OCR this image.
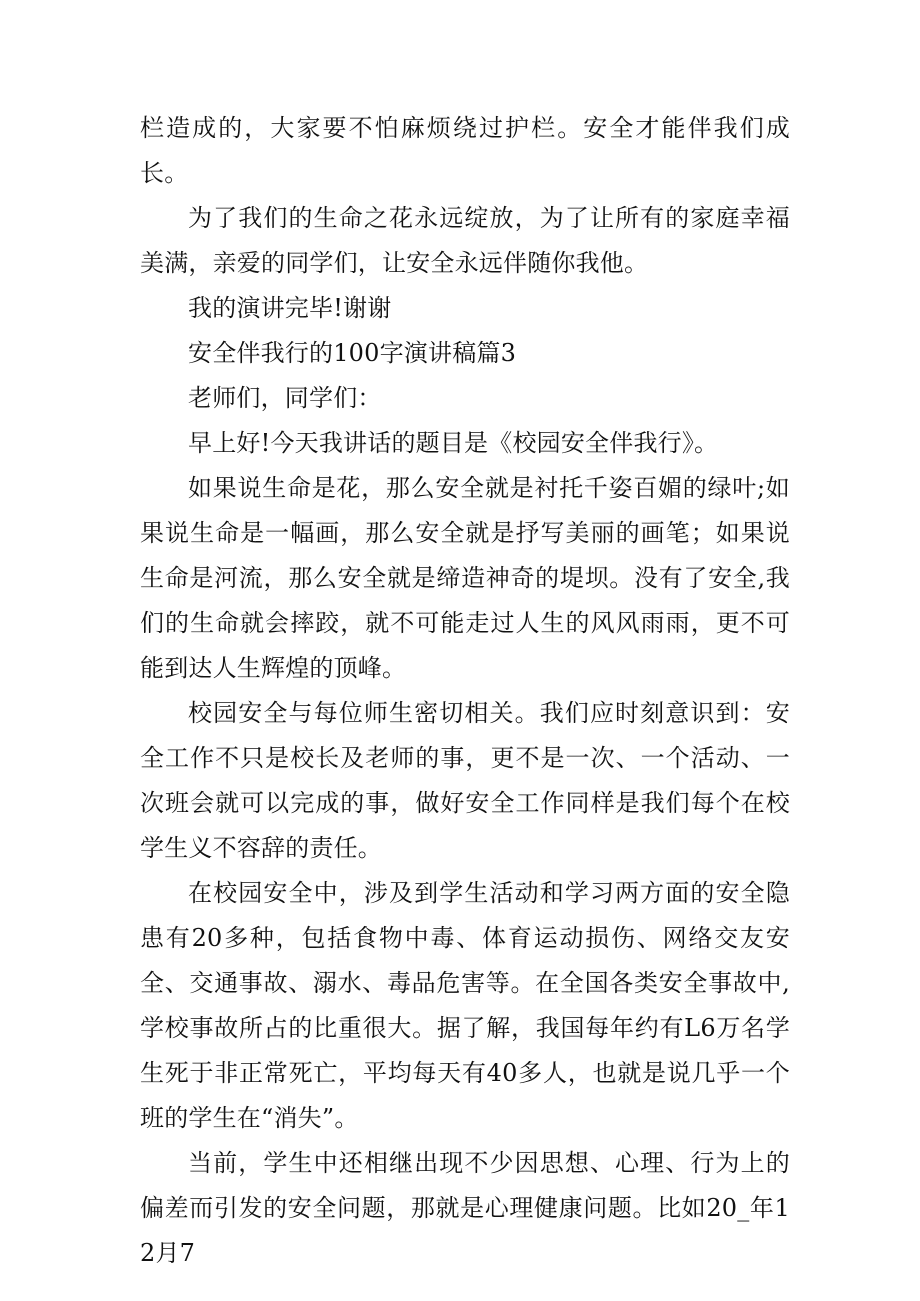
栏造成的，大家要不怕麻烦绕过护栏。安全才能伴我们成长。

为了我们的生命之花永远绽放，为了让所有的家庭幸福美满，亲爱的同学们，让安全永远伴随你我他。

我的演讲完毕!谢谢

安全伴我行的100字演讲稿篇3

老师们，同学们：

早上好!今天我讲话的题目是《校园安全伴我行》。

如果说生命是花，那么安全就是衬托千姿百媚的绿叶;如果说生命是一幅画，那么安全就是抒写美丽的画笔；如果说生命是河流，那么安全就是缔造神奇的堤坝。没有了安全,我们的生命就会摔跤，就不可能走过人生的风风雨雨，更不可能到达人生辉煌的顶峰。

校园安全与每位师生密切相关。我们应时刻意识到：安全工作不只是校长及老师的事，更不是一次、一个活动、一次班会就可以完成的事，做好安全工作同样是我们每个在校学生义不容辞的责任。

在校园安全中，涉及到学生活动和学习两方面的安全隐患有20多种，包括食物中毒、体育运动损伤、网络交友安全、交通事故、溺水、毒品危害等。在全国各类安全事故中,学校事故所占的比重很大。据了解，我国每年约有L6万名学生死于非正常死亡，平均每天有40多人，也就是说几乎一个班的学生在“消失”。

当前，学生中还相继出现不少因思想、心理、行为上的偏差而引发的安全问题，那就是心理健康问题。比如20_年12月7
